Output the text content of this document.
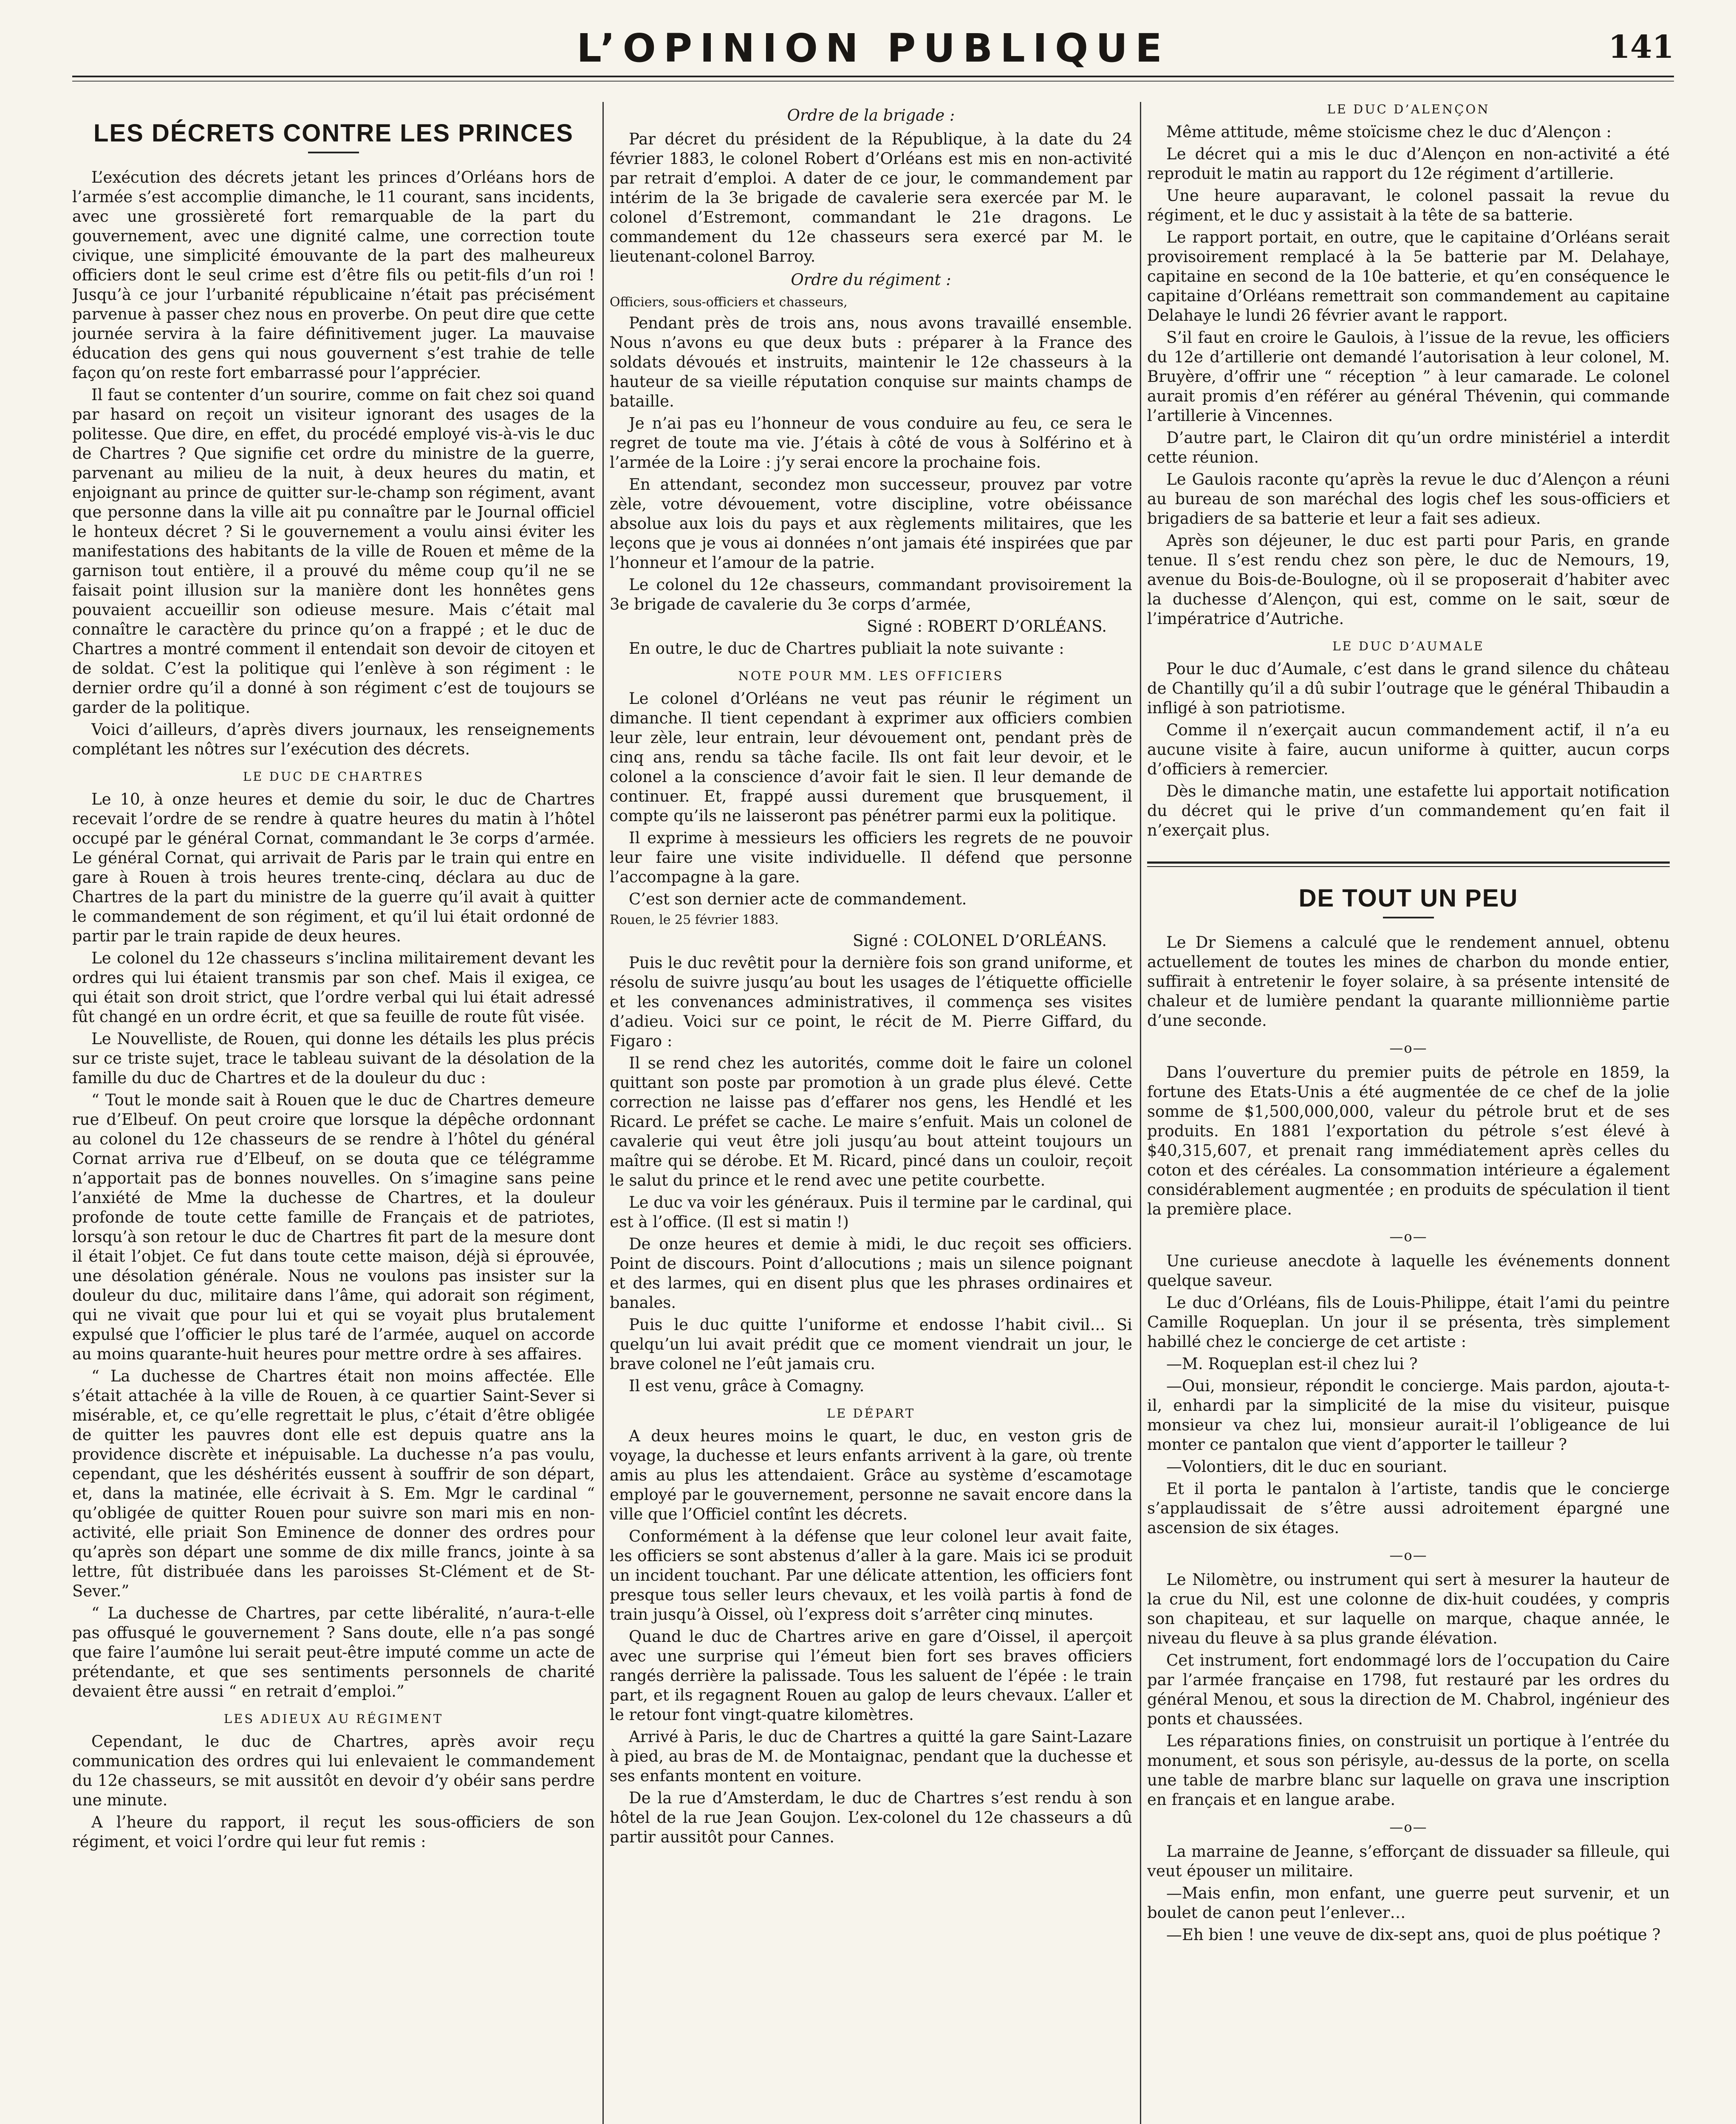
L’OPINION PUBLIQUE	141
LES DÉCRETS CONTRE LES PRINCES

L’exécution des décrets jetant les princes d’Orléans hors de l’armée s’est accomplie dimanche, le 11 courant, sans incidents, avec une grossièreté fort remarquable de la part du gouvernement, avec une dignité calme, une correction toute civique, une simplicité émouvante de la part des malheureux officiers dont le seul crime est d’être fils ou petit-fils d’un roi ! Jusqu’à ce jour l’urbanité républicaine n’était pas précisément parvenue à passer chez nous en proverbe. On peut dire que cette journée servira à la faire définitivement juger. La mauvaise éducation des gens qui nous gouvernent s’est trahie de telle façon qu’on reste fort embarrassé pour l’apprécier.

Il faut se contenter d’un sourire, comme on fait chez soi quand par hasard on reçoit un visiteur ignorant des usages de la politesse. Que dire, en effet, du procédé employé vis-à-vis le duc de Chartres ? Que signifie cet ordre du ministre de la guerre, parvenant au milieu de la nuit, à deux heures du matin, et enjoignant au prince de quitter sur-le-champ son régiment, avant que personne dans la ville ait pu connaître par le Journal officiel le honteux décret ? Si le gouvernement a voulu ainsi éviter les manifestations des habitants de la ville de Rouen et même de la garnison tout entière, il a prouvé du même coup qu’il ne se faisait point illusion sur la manière dont les honnêtes gens pouvaient accueillir son odieuse mesure. Mais c’était mal connaître le caractère du prince qu’on a frappé ; et le duc de Chartres a montré comment il entendait son devoir de citoyen et de soldat. C’est la politique qui l’enlève à son régiment : le dernier ordre qu’il a donné à son régiment c’est de toujours se garder de la politique.

Voici d’ailleurs, d’après divers journaux, les renseignements complétant les nôtres sur l’exécution des décrets.

LE DUC DE CHARTRES

Le 10, à onze heures et demie du soir, le duc de Chartres recevait l’ordre de se rendre à quatre heures du matin à l’hôtel occupé par le général Cornat, commandant le 3e corps d’armée. Le général Cornat, qui arrivait de Paris par le train qui entre en gare à Rouen à trois heures trente-cinq, déclara au duc de Chartres de la part du ministre de la guerre qu’il avait à quitter le commandement de son régiment, et qu’il lui était ordonné de partir par le train rapide de deux heures.

Le colonel du 12e chasseurs s’inclina militairement devant les ordres qui lui étaient transmis par son chef. Mais il exigea, ce qui était son droit strict, que l’ordre verbal qui lui était adressé fût changé en un ordre écrit, et que sa feuille de route fût visée.

Le Nouvelliste, de Rouen, qui donne les détails les plus précis sur ce triste sujet, trace le tableau suivant de la désolation de la famille du duc de Chartres et de la douleur du duc :

“ Tout le monde sait à Rouen que le duc de Chartres demeure rue d’Elbeuf. On peut croire que lorsque la dépêche ordonnant au colonel du 12e chasseurs de se rendre à l’hôtel du général Cornat arriva rue d’Elbeuf, on se douta que ce télégramme n’apportait pas de bonnes nouvelles. On s’imagine sans peine l’anxiété de Mme la duchesse de Chartres, et la douleur profonde de toute cette famille de Français et de patriotes, lorsqu’à son retour le duc de Chartres fit part de la mesure dont il était l’objet. Ce fut dans toute cette maison, déjà si éprouvée, une désolation générale. Nous ne voulons pas insister sur la douleur du duc, militaire dans l’âme, qui adorait son régiment, qui ne vivait que pour lui et qui se voyait plus brutalement expulsé que l’officier le plus taré de l’armée, auquel on accorde au moins quarante-huit heures pour mettre ordre à ses affaires.

“ La duchesse de Chartres était non moins affectée. Elle s’était attachée à la ville de Rouen, à ce quartier Saint-Sever si misérable, et, ce qu’elle regrettait le plus, c’était d’être obligée de quitter les pauvres dont elle est depuis quatre ans la providence discrète et inépuisable. La duchesse n’a pas voulu, cependant, que les déshérités eussent à souffrir de son départ, et, dans la matinée, elle écrivait à S. Em. Mgr le cardinal “ qu’obligée de quitter Rouen pour suivre son mari mis en non-activité, elle priait Son Eminence de donner des ordres pour qu’après son départ une somme de dix mille francs, jointe à sa lettre, fût distribuée dans les paroisses St-Clément et de St-Sever.”

“ La duchesse de Chartres, par cette libéralité, n’aura-t-elle pas offusqué le gouvernement ? Sans doute, elle n’a pas songé que faire l’aumône lui serait peut-être imputé comme un acte de prétendante, et que ses sentiments personnels de charité devaient être aussi “ en retrait d’emploi.”

LES ADIEUX AU RÉGIMENT

Cependant, le duc de Chartres, après avoir reçu communication des ordres qui lui enlevaient le commandement du 12e chasseurs, se mit aussitôt en devoir d’y obéir sans perdre une minute.

A l’heure du rapport, il reçut les sous-officiers de son régiment, et voici l’ordre qui leur fut remis :

Ordre de la brigade :

Par décret du président de la République, à la date du 24 février 1883, le colonel Robert d’Orléans est mis en non-activité par retrait d’emploi. A dater de ce jour, le commandement par intérim de la 3e brigade de cavalerie sera exercée par M. le colonel d’Estremont, commandant le 21e dragons. Le commandement du 12e chasseurs sera exercé par M. le lieutenant-colonel Barroy.

Ordre du régiment :

Officiers, sous-officiers et chasseurs,

Pendant près de trois ans, nous avons travaillé ensemble. Nous n’avons eu que deux buts : préparer à la France des soldats dévoués et instruits, maintenir le 12e chasseurs à la hauteur de sa vieille réputation conquise sur maints champs de bataille.

Je n’ai pas eu l’honneur de vous conduire au feu, ce sera le regret de toute ma vie. J’étais à côté de vous à Solférino et à l’armée de la Loire : j’y serai encore la prochaine fois.

En attendant, secondez mon successeur, prouvez par votre zèle, votre dévouement, votre discipline, votre obéissance absolue aux lois du pays et aux règlements militaires, que les leçons que je vous ai données n’ont jamais été inspirées que par l’honneur et l’amour de la patrie.

Le colonel du 12e chasseurs, commandant provisoirement la 3e brigade de cavalerie du 3e corps d’armée,

Signé : ROBERT D’ORLÉANS.

En outre, le duc de Chartres publiait la note suivante :

NOTE POUR MM. LES OFFICIERS

Le colonel d’Orléans ne veut pas réunir le régiment un dimanche. Il tient cependant à exprimer aux officiers combien leur zèle, leur entrain, leur dévouement ont, pendant près de cinq ans, rendu sa tâche facile. Ils ont fait leur devoir, et le colonel a la conscience d’avoir fait le sien. Il leur demande de continuer. Et, frappé aussi durement que brusquement, il compte qu’ils ne laisseront pas pénétrer parmi eux la politique.

Il exprime à messieurs les officiers les regrets de ne pouvoir leur faire une visite individuelle. Il défend que personne l’accompagne à la gare.

C’est son dernier acte de commandement.

Rouen, le 25 février 1883.

Signé : COLONEL D’ORLÉANS.

Puis le duc revêtit pour la dernière fois son grand uniforme, et résolu de suivre jusqu’au bout les usages de l’étiquette officielle et les convenances administratives, il commença ses visites d’adieu. Voici sur ce point, le récit de M. Pierre Giffard, du Figaro :

Il se rend chez les autorités, comme doit le faire un colonel quittant son poste par promotion à un grade plus élevé. Cette correction ne laisse pas d’effarer nos gens, les Hendlé et les Ricard. Le préfet se cache. Le maire s’enfuit. Mais un colonel de cavalerie qui veut être joli jusqu’au bout atteint toujours un maître qui se dérobe. Et M. Ricard, pincé dans un couloir, reçoit le salut du prince et le rend avec une petite courbette.

Le duc va voir les généraux. Puis il termine par le cardinal, qui est à l’office. (Il est si matin !)

De onze heures et demie à midi, le duc reçoit ses officiers. Point de discours. Point d’allocutions ; mais un silence poignant et des larmes, qui en disent plus que les phrases ordinaires et banales.

Puis le duc quitte l’uniforme et endosse l’habit civil... Si quelqu’un lui avait prédit que ce moment viendrait un jour, le brave colonel ne l’eût jamais cru.

Il est venu, grâce à Comagny.

LE DÉPART

A deux heures moins le quart, le duc, en veston gris de voyage, la duchesse et leurs enfants arrivent à la gare, où trente amis au plus les attendaient. Grâce au système d’escamotage employé par le gouvernement, personne ne savait encore dans la ville que l’Officiel contînt les décrets.

Conformément à la défense que leur colonel leur avait faite, les officiers se sont abstenus d’aller à la gare. Mais ici se produit un incident touchant. Par une délicate attention, les officiers font presque tous seller leurs chevaux, et les voilà partis à fond de train jusqu’à Oissel, où l’express doit s’arrêter cinq minutes.

Quand le duc de Chartres arive en gare d’Oissel, il aperçoit avec une surprise qui l’émeut bien fort ses braves officiers rangés derrière la palissade. Tous les saluent de l’épée : le train part, et ils regagnent Rouen au galop de leurs chevaux. L’aller et le retour font vingt-quatre kilomètres.

Arrivé à Paris, le duc de Chartres a quitté la gare Saint-Lazare à pied, au bras de M. de Montaignac, pendant que la duchesse et ses enfants montent en voiture.

De la rue d’Amsterdam, le duc de Chartres s’est rendu à son hôtel de la rue Jean Goujon. L’ex-colonel du 12e chasseurs a dû partir aussitôt pour Cannes.

LE DUC D’ALENÇON

Même attitude, même stoïcisme chez le duc d’Alençon :

Le décret qui a mis le duc d’Alençon en non-activité a été reproduit le matin au rapport du 12e régiment d’artillerie.

Une heure auparavant, le colonel passait la revue du régiment, et le duc y assistait à la tête de sa batterie.

Le rapport portait, en outre, que le capitaine d’Orléans serait provisoirement remplacé à la 5e batterie par M. Delahaye, capitaine en second de la 10e batterie, et qu’en conséquence le capitaine d’Orléans remettrait son commandement au capitaine Delahaye le lundi 26 février avant le rapport.

S’il faut en croire le Gaulois, à l’issue de la revue, les officiers du 12e d’artillerie ont demandé l’autorisation à leur colonel, M. Bruyère, d’offrir une “ réception ” à leur camarade. Le colonel aurait promis d’en référer au général Thévenin, qui commande l’artillerie à Vincennes.

D’autre part, le Clairon dit qu’un ordre ministériel a interdit cette réunion.

Le Gaulois raconte qu’après la revue le duc d’Alençon a réuni au bureau de son maréchal des logis chef les sous-officiers et brigadiers de sa batterie et leur a fait ses adieux.

Après son déjeuner, le duc est parti pour Paris, en grande tenue. Il s’est rendu chez son père, le duc de Nemours, 19, avenue du Bois-de-Boulogne, où il se proposerait d’habiter avec la duchesse d’Alençon, qui est, comme on le sait, sœur de l’impératrice d’Autriche.

LE DUC D’AUMALE

Pour le duc d’Aumale, c’est dans le grand silence du château de Chantilly qu’il a dû subir l’outrage que le général Thibaudin a infligé à son patriotisme.

Comme il n’exerçait aucun commandement actif, il n’a eu aucune visite à faire, aucun uniforme à quitter, aucun corps d’officiers à remercier.

Dès le dimanche matin, une estafette lui apportait notification du décret qui le prive d’un commandement qu’en fait il n’exerçait plus.

DE TOUT UN PEU

Le Dr Siemens a calculé que le rendement annuel, obtenu actuellement de toutes les mines de charbon du monde entier, suffirait à entretenir le foyer solaire, à sa présente intensité de chaleur et de lumière pendant la quarante millionnième partie d’une seconde.

—o—

Dans l’ouverture du premier puits de pétrole en 1859, la fortune des Etats-Unis a été augmentée de ce chef de la jolie somme de $1,500,000,000, valeur du pétrole brut et de ses produits. En 1881 l’exportation du pétrole s’est élevé à $40,315,607, et prenait rang immédiatement après celles du coton et des céréales. La consommation intérieure a également considérablement augmentée ; en produits de spéculation il tient la première place.

—o—

Une curieuse anecdote à laquelle les événements donnent quelque saveur.

Le duc d’Orléans, fils de Louis-Philippe, était l’ami du peintre Camille Roqueplan. Un jour il se présenta, très simplement habillé chez le concierge de cet artiste :

—M. Roqueplan est-il chez lui ?

—Oui, monsieur, répondit le concierge. Mais pardon, ajouta-t-il, enhardi par la simplicité de la mise du visiteur, puisque monsieur va chez lui, monsieur aurait-il l’obligeance de lui monter ce pantalon que vient d’apporter le tailleur ?

—Volontiers, dit le duc en souriant.

Et il porta le pantalon à l’artiste, tandis que le concierge s’applaudissait de s’être aussi adroitement épargné une ascension de six étages.

—o—

Le Nilomètre, ou instrument qui sert à mesurer la hauteur de la crue du Nil, est une colonne de dix-huit coudées, y compris son chapiteau, et sur laquelle on marque, chaque année, le niveau du fleuve à sa plus grande élévation.

Cet instrument, fort endommagé lors de l’occupation du Caire par l’armée française en 1798, fut restauré par les ordres du général Menou, et sous la direction de M. Chabrol, ingénieur des ponts et chaussées.

Les réparations finies, on construisit un portique à l’entrée du monument, et sous son périsyle, au-dessus de la porte, on scella une table de marbre blanc sur laquelle on grava une inscription en français et en langue arabe.

—o—

La marraine de Jeanne, s’efforçant de dissuader sa filleule, qui veut épouser un militaire.

—Mais enfin, mon enfant, une guerre peut survenir, et un boulet de canon peut l’enlever…

—Eh bien ! une veuve de dix-sept ans, quoi de plus poétique ?
